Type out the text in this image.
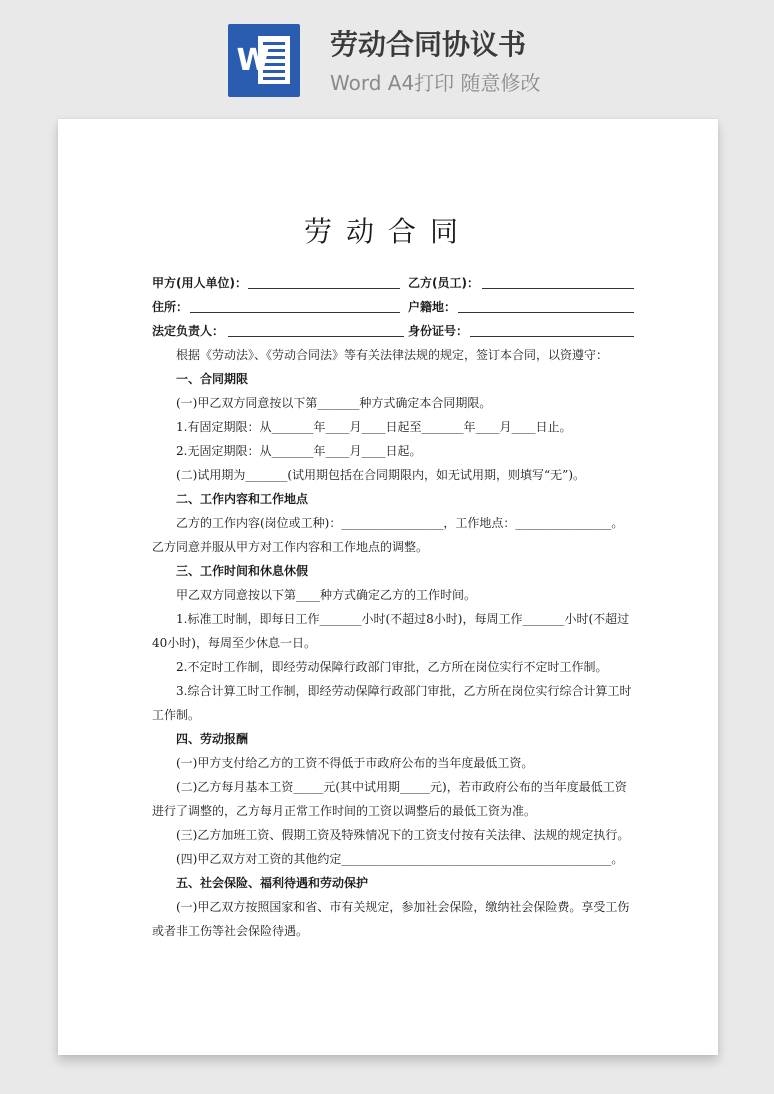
W 劳动合同协议书
Word A4打印 随意修改
劳动合同
甲方(用人单位)：	乙方(员工)：
住所：	户籍地：
法定负责人：	身份证号：
根据《劳动法》、《劳动合同法》等有关法律法规的规定，签订本合同，以资遵守：
一、合同期限
(一)甲乙双方同意按以下第_______种方式确定本合同期限。
1.有固定期限：从_______年____月____日起至_______年____月____日止。
2.无固定期限：从_______年____月____日起。
(二)试用期为_______(试用期包括在合同期限内，如无试用期，则填写“无”)。
二、工作内容和工作地点
乙方的工作内容(岗位或工种)：_________________，工作地点：________________。
乙方同意并服从甲方对工作内容和工作地点的调整。
三、工作时间和休息休假
甲乙双方同意按以下第____种方式确定乙方的工作时间。
1.标准工时制，即每日工作_______小时(不超过8小时)，每周工作_______小时(不超过40小时)，每周至少休息一日。
2.不定时工作制，即经劳动保障行政部门审批，乙方所在岗位实行不定时工作制。
3.综合计算工时工作制，即经劳动保障行政部门审批，乙方所在岗位实行综合计算工时工作制。
四、劳动报酬
(一)甲方支付给乙方的工资不得低于市政府公布的当年度最低工资。
(二)乙方每月基本工资_____元(其中试用期_____元)，若市政府公布的当年度最低工资进行了调整的，乙方每月正常工作时间的工资以调整后的最低工资为准。
(三)乙方加班工资、假期工资及特殊情况下的工资支付按有关法律、法规的规定执行。
(四)甲乙双方对工资的其他约定_____________________________________________。
五、社会保险、福利待遇和劳动保护
(一)甲乙双方按照国家和省、市有关规定，参加社会保险，缴纳社会保险费。享受工伤或者非工伤等社会保险待遇。
